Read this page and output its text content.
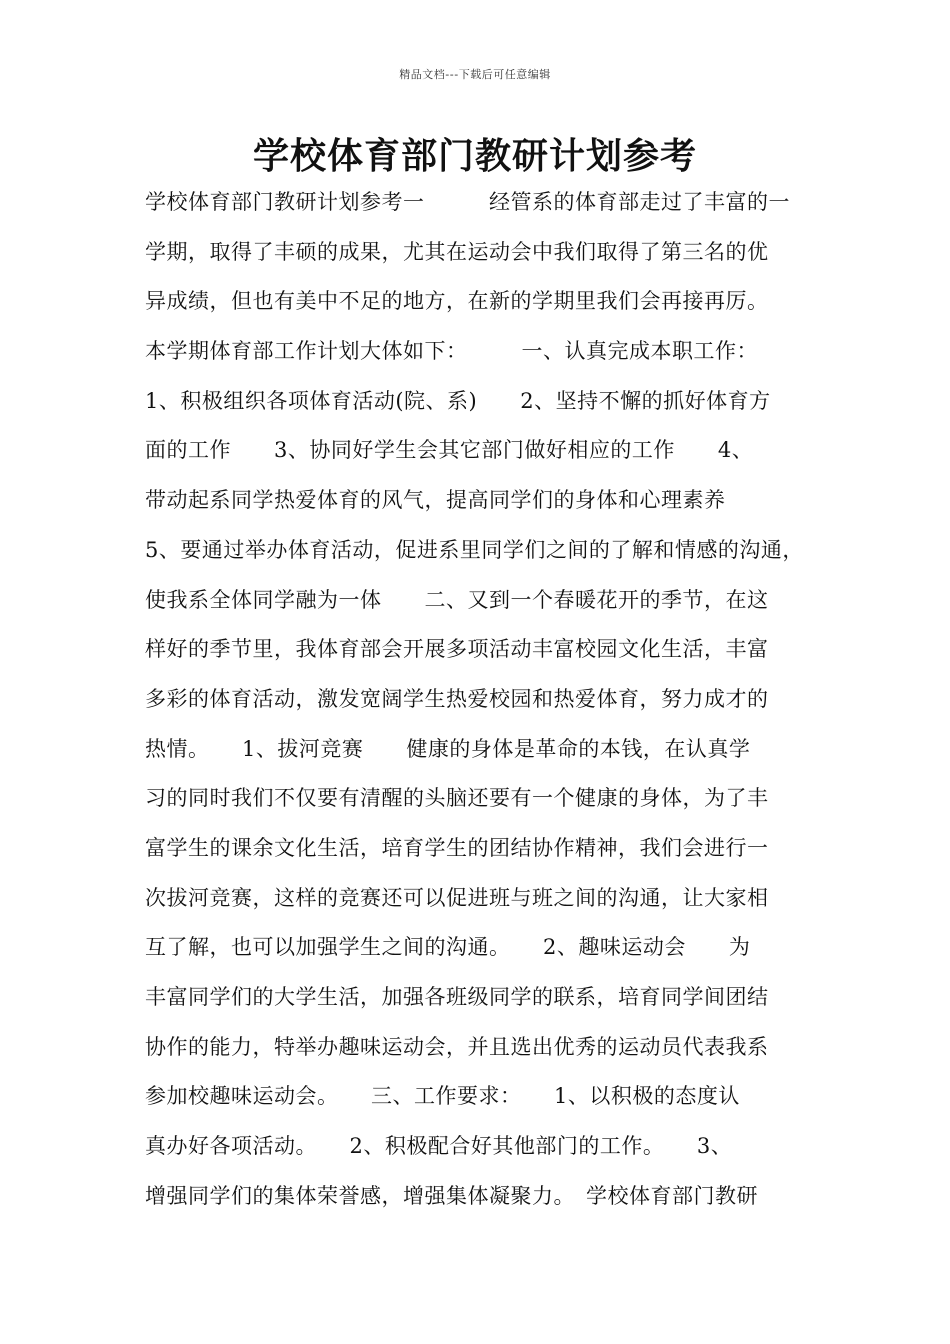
精品文档---下载后可任意编辑
学校体育部门教研计划参考
学校体育部门教研计划参考一　　　经管系的体育部走过了丰富的一
学期，取得了丰硕的成果，尤其在运动会中我们取得了第三名的优
异成绩，但也有美中不足的地方，在新的学期里我们会再接再厉。
本学期体育部工作计划大体如下：　　　一、认真完成本职工作：
1、积极组织各项体育活动(院、系)　　2、坚持不懈的抓好体育方
面的工作　　3、协同好学生会其它部门做好相应的工作　　4、
带动起系同学热爱体育的风气，提高同学们的身体和心理素养
5、要通过举办体育活动，促进系里同学们之间的了解和情感的沟通，
使我系全体同学融为一体　　二、又到一个春暖花开的季节，在这
样好的季节里，我体育部会开展多项活动丰富校园文化生活，丰富
多彩的体育活动，激发宽阔学生热爱校园和热爱体育，努力成才的
热情。　　1、拔河竞赛　　健康的身体是革命的本钱，在认真学
习的同时我们不仅要有清醒的头脑还要有一个健康的身体，为了丰
富学生的课余文化生活，培育学生的团结协作精神，我们会进行一
次拔河竞赛，这样的竞赛还可以促进班与班之间的沟通，让大家相
互了解，也可以加强学生之间的沟通。　　2、趣味运动会　　为
丰富同学们的大学生活，加强各班级同学的联系，培育同学间团结
协作的能力，特举办趣味运动会，并且选出优秀的运动员代表我系
参加校趣味运动会。　　三、工作要求：　　1、以积极的态度认
真办好各项活动。　　2、积极配合好其他部门的工作。　　3、
增强同学们的集体荣誉感，增强集体凝聚力。　学校体育部门教研
